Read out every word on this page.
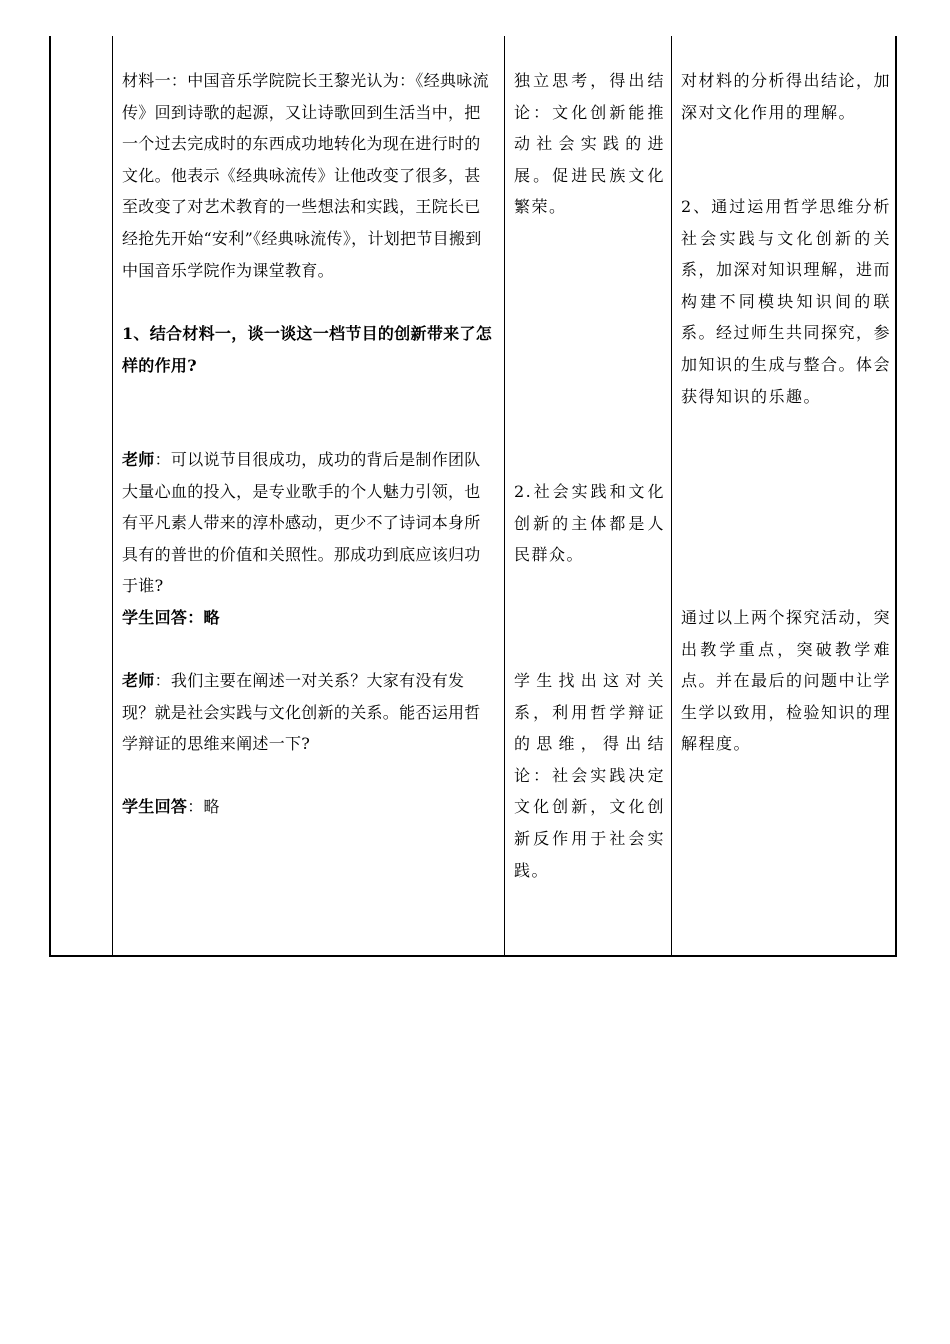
材料一：中国音乐学院院长王黎光认为：《经典咏流传》回到诗歌的起源，又让诗歌回到生活当中，把一个过去完成时的东西成功地转化为现在进行时的文化。他表示《经典咏流传》让他改变了很多，甚至改变了对艺术教育的一些想法和实践，王院长已经抢先开始“安利”《经典咏流传》，计划把节目搬到中国音乐学院作为课堂教育。

1、结合材料一，谈一谈这一档节目的创新带来了怎样的作用?

老师：可以说节目很成功，成功的背后是制作团队大量心血的投入，是专业歌手的个人魅力引领，也有平凡素人带来的淳朴感动，更少不了诗词本身所具有的普世的价值和关照性。那成功到底应该归功于谁?

学生回答：略

老师：我们主要在阐述一对关系？大家有没有发现？就是社会实践与文化创新的关系。能否运用哲学辩证的思维来阐述一下?

学生回答：略

独立思考，得出结论：文化创新能推动社会实践的进展。促进民族文化繁荣。

2.社会实践和文化创新的主体都是人民群众。

学生找出这对关系，利用哲学辩证的思维，得出结论：社会实践决定文化创新，文化创新反作用于社会实践。

对材料的分析得出结论，加深对文化作用的理解。

2、通过运用哲学思维分析社会实践与文化创新的关系，加深对知识理解，进而构建不同模块知识间的联系。经过师生共同探究，参加知识的生成与整合。体会获得知识的乐趣。

通过以上两个探究活动，突出教学重点，突破教学难点。并在最后的问题中让学生学以致用，检验知识的理解程度。
